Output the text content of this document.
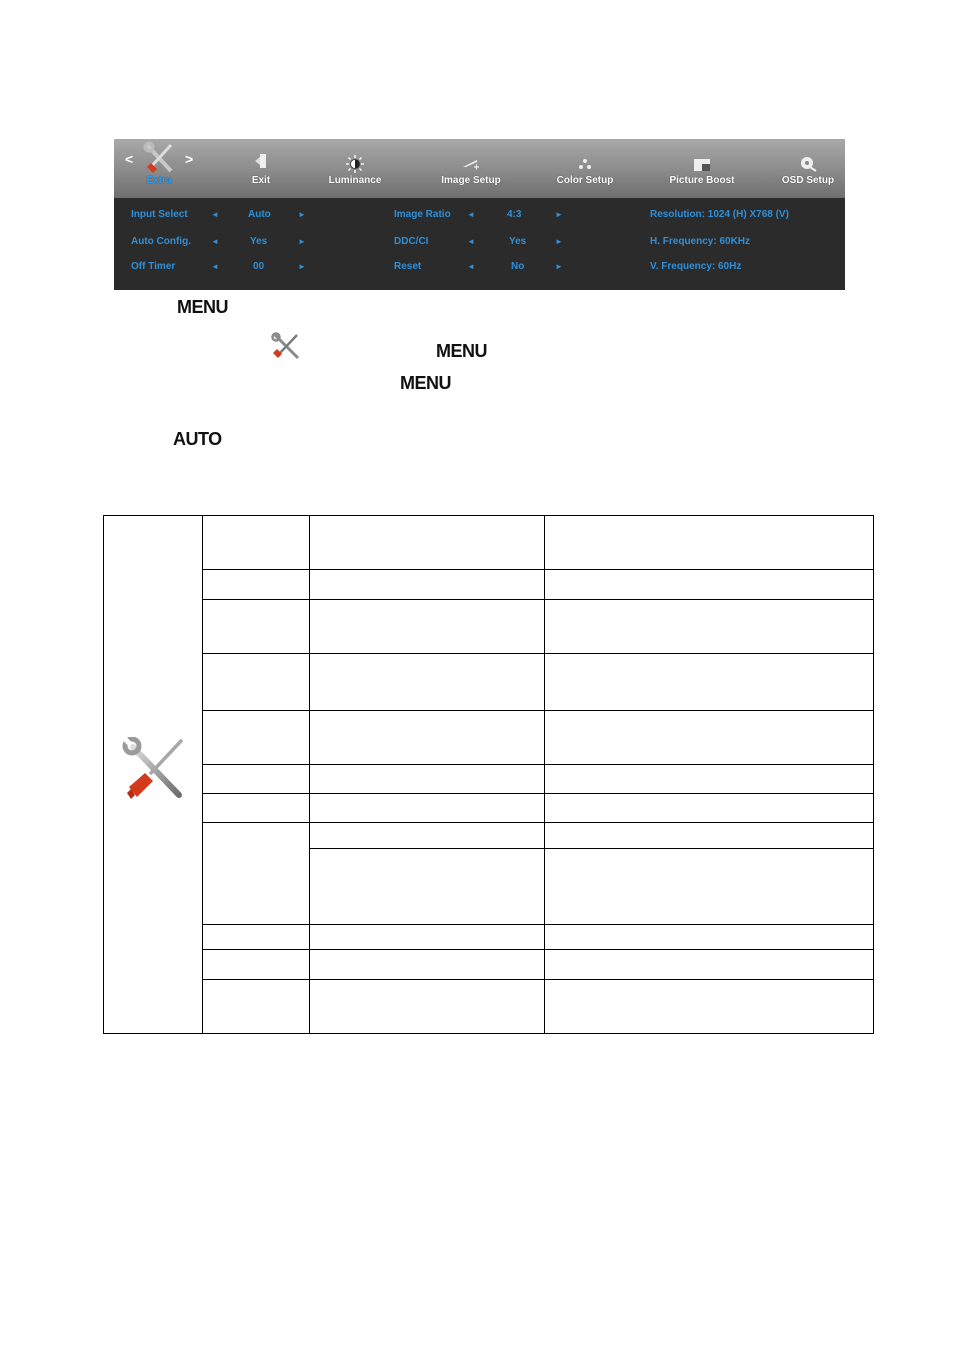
<	>
Extra	Exit	Luminance	Image Setup	Color Setup	Picture Boost	OSD Setup
Input Select	◄	Auto	►	Image Ratio ◄	4:3	►	Resolution: 1024 (H) X768 (V)
Auto Config.	◄	Yes	►	DDC/CI	◄	Yes	►	H. Frequency: 60KHz
Off Timer	◄	00	►	Reset	◄	No	►	V. Frequency: 60Hz
MENU
MENU
MENU
AUTO
